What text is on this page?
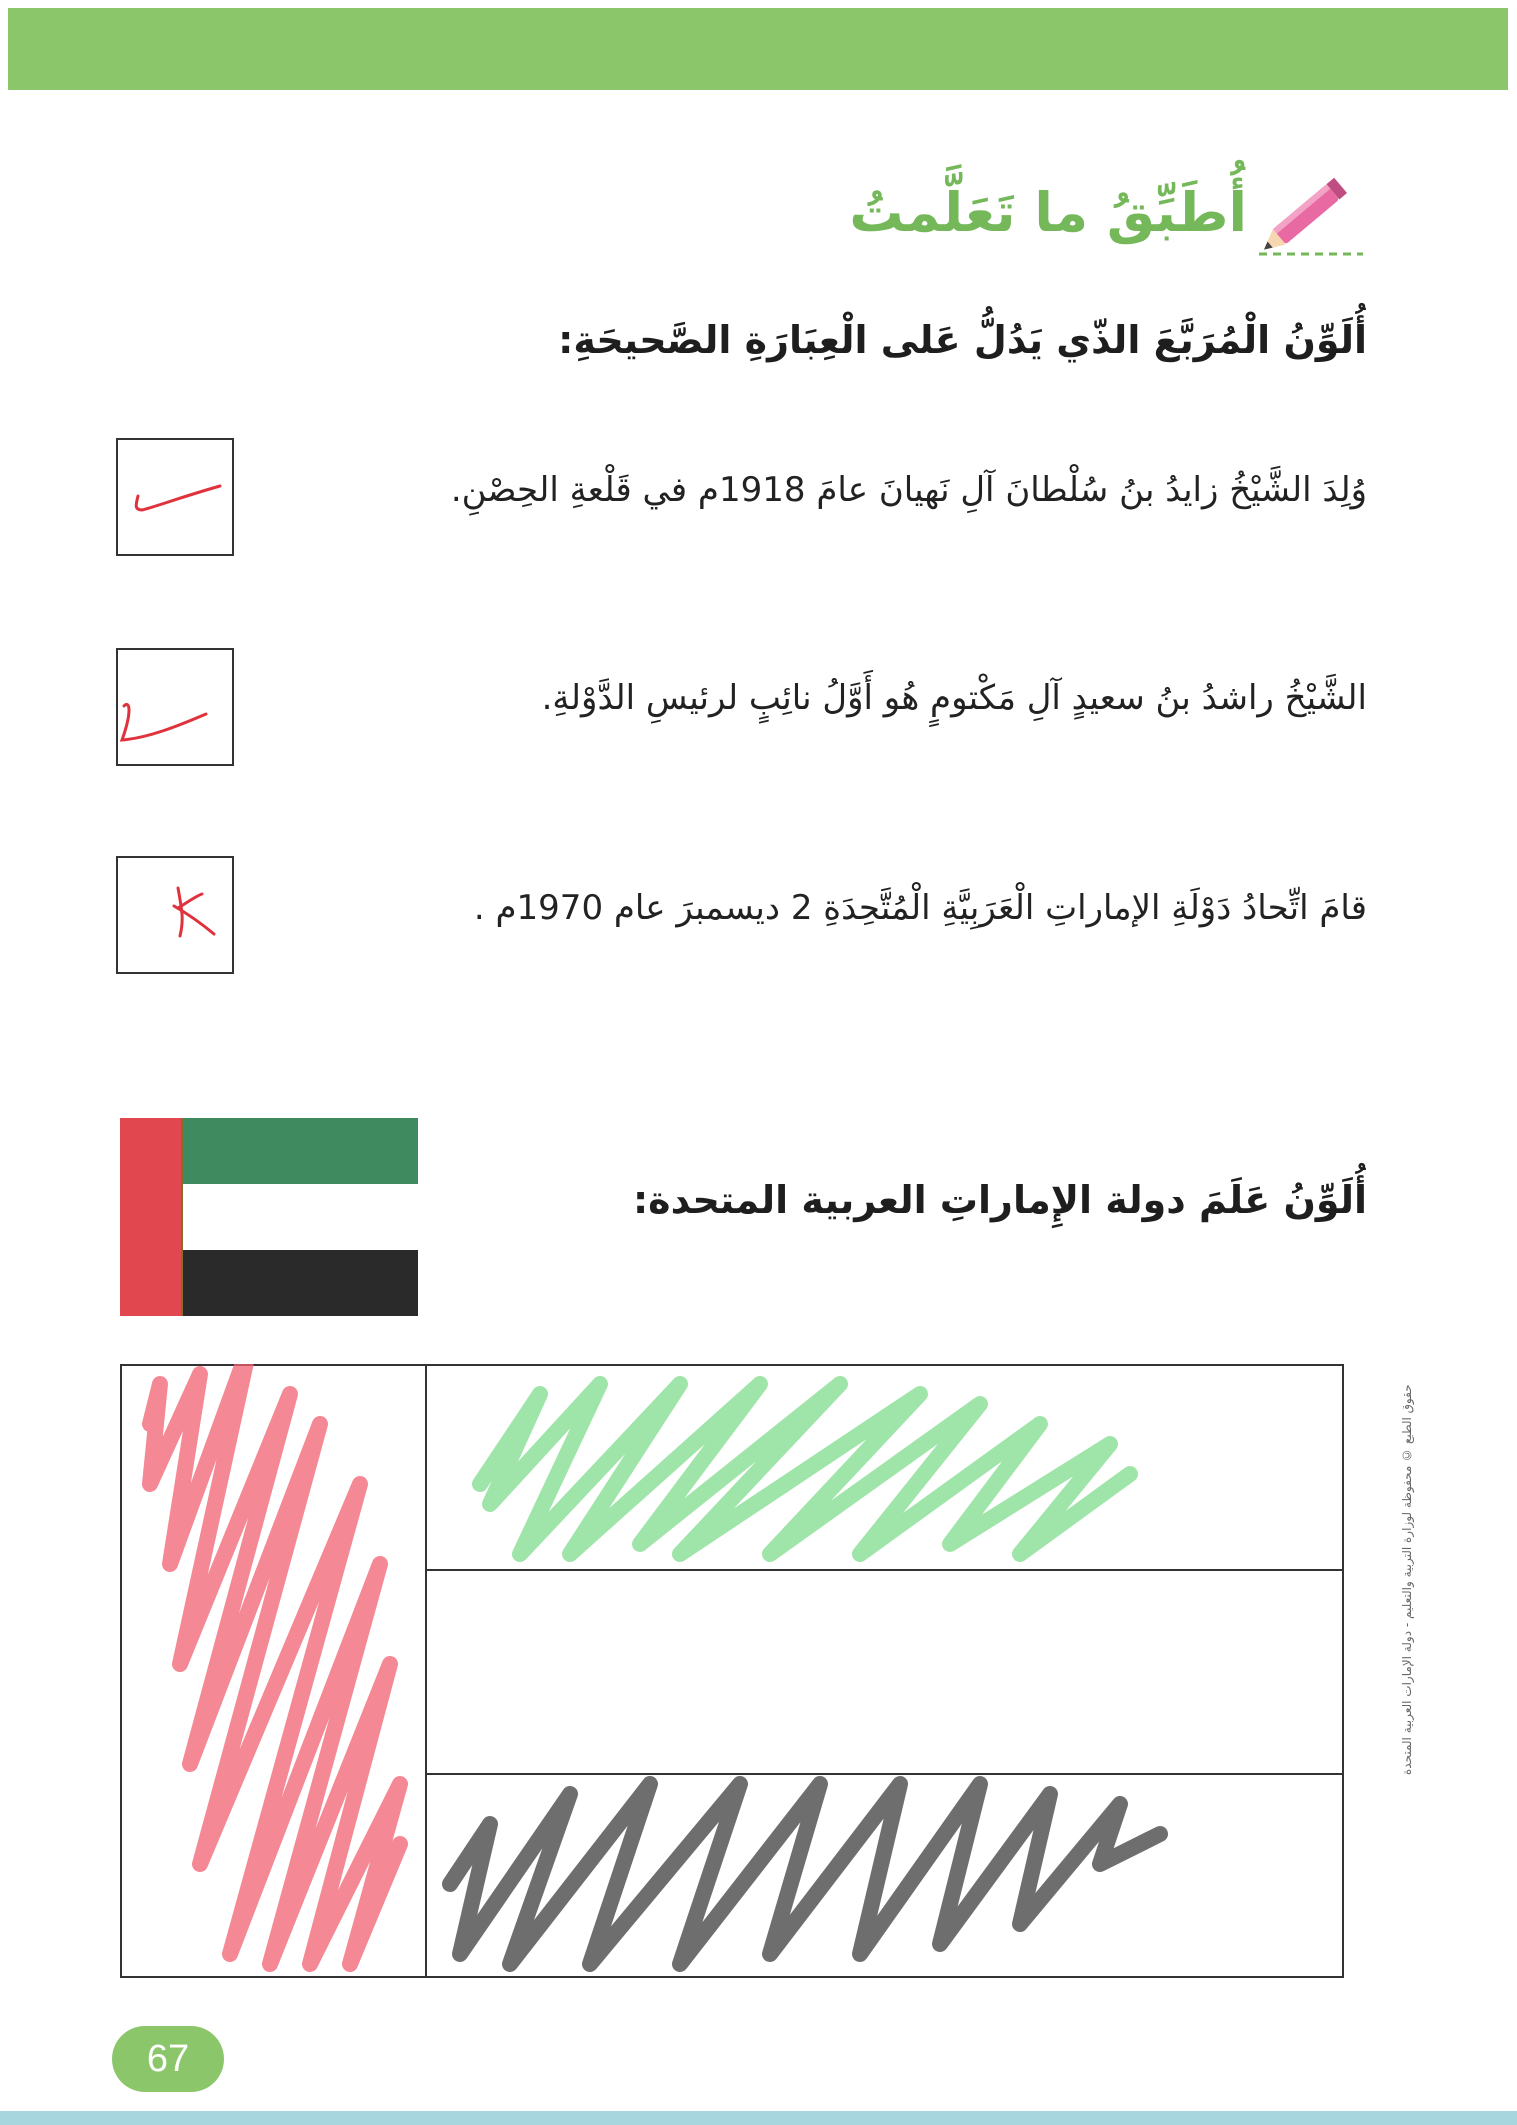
أُطَبِّقُ ما تَعَلَّمتُ
أُلَوِّنُ الْمُرَبَّعَ الذّي يَدُلُّ عَلى الْعِبَارَةِ الصَّحيحَةِ:
وُلِدَ الشَّيْخُ زايدُ بنُ سُلْطانَ آلِ نَهيانَ عامَ 1918م في قَلْعةِ الحِصْنِ.
الشَّيْخُ راشدُ بنُ سعيدٍ آلِ مَكْتومٍ هُو أَوَّلُ نائِبٍ لرئيسِ الدَّوْلةِ.
قامَ اتِّحادُ دَوْلَةِ الإماراتِ الْعَرَبِيَّةِ الْمُتَّحِدَةِ 2 ديسمبرَ عام 1970م .
أُلَوِّنُ عَلَمَ دولة الإِماراتِ العربية المتحدة:
حقوق الطبع © محفوظة لوزارة التربية والتعليم - دولة الإمارات العربية المتحدة
67
